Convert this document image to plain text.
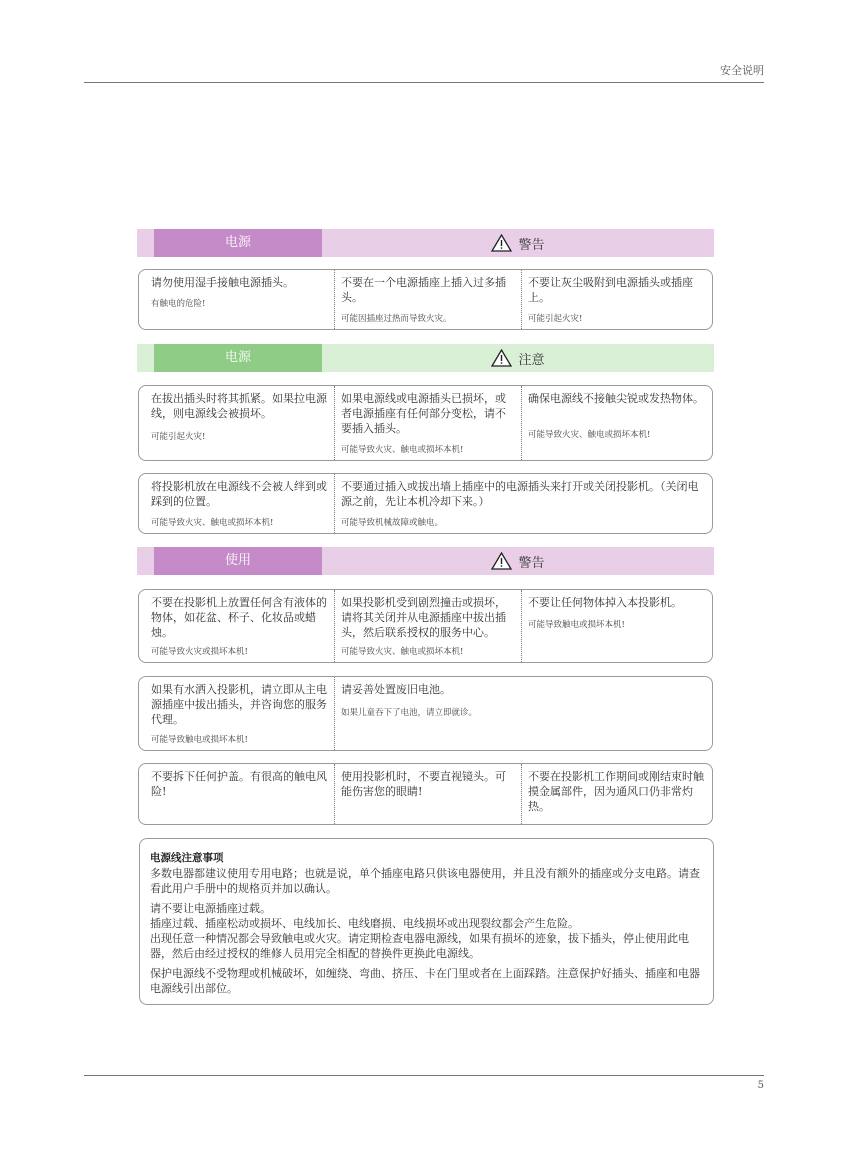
安全说明
电源	警告
请勿使用湿手接触电源插头。
有触电的危险!
不要在一个电源插座上插入过多插头。
可能因插座过热而导致火灾。
不要让灰尘吸附到电源插头或插座上。
可能引起火灾!
电源	注意
在拔出插头时将其抓紧。如果拉电源线，则电源线会被损坏。
可能引起火灾!
如果电源线或电源插头已损坏，或者电源插座有任何部分变松，请不要插入插头。
可能导致火灾、触电或损坏本机!
确保电源线不接触尖锐或发热物体。
可能导致火灾、触电或损坏本机!
将投影机放在电源线不会被人绊到或踩到的位置。
可能导致火灾、触电或损坏本机!
不要通过插入或拔出墙上插座中的电源插头来打开或关闭投影机。（关闭电源之前，先让本机冷却下来。）
可能导致机械故障或触电。
使用	警告
不要在投影机上放置任何含有液体的物体，如花盆、杯子、化妆品或蜡烛。
可能导致火灾或损坏本机!
如果投影机受到剧烈撞击或损坏，请将其关闭并从电源插座中拔出插头，然后联系授权的服务中心。
可能导致火灾、触电或损坏本机!
不要让任何物体掉入本投影机。
可能导致触电或损坏本机!
如果有水洒入投影机，请立即从主电源插座中拔出插头，并咨询您的服务代理。
可能导致触电或损坏本机!
请妥善处置废旧电池。
如果儿童吞下了电池，请立即就诊。
不要拆下任何护盖。有很高的触电风险!
使用投影机时，不要直视镜头。可能伤害您的眼睛!
不要在投影机工作期间或刚结束时触摸金属部件，因为通风口仍非常灼热。

电源线注意事项

多数电器都建议使用专用电路；也就是说，单个插座电路只供该电器使用，并且没有额外的插座或分支电路。请查看此用户手册中的规格页并加以确认。

请不要让电源插座过载。

插座过载、插座松动或损坏、电线加长、电线磨损、电线损坏或出现裂纹都会产生危险。

出现任意一种情况都会导致触电或火灾。请定期检查电器电源线，如果有损坏的迹象，拔下插头，停止使用此电器，然后由经过授权的维修人员用完全相配的替换件更换此电源线。

保护电源线不受物理或机械破坏，如缠绕、弯曲、挤压、卡在门里或者在上面踩踏。注意保护好插头、插座和电器电源线引出部位。

5
